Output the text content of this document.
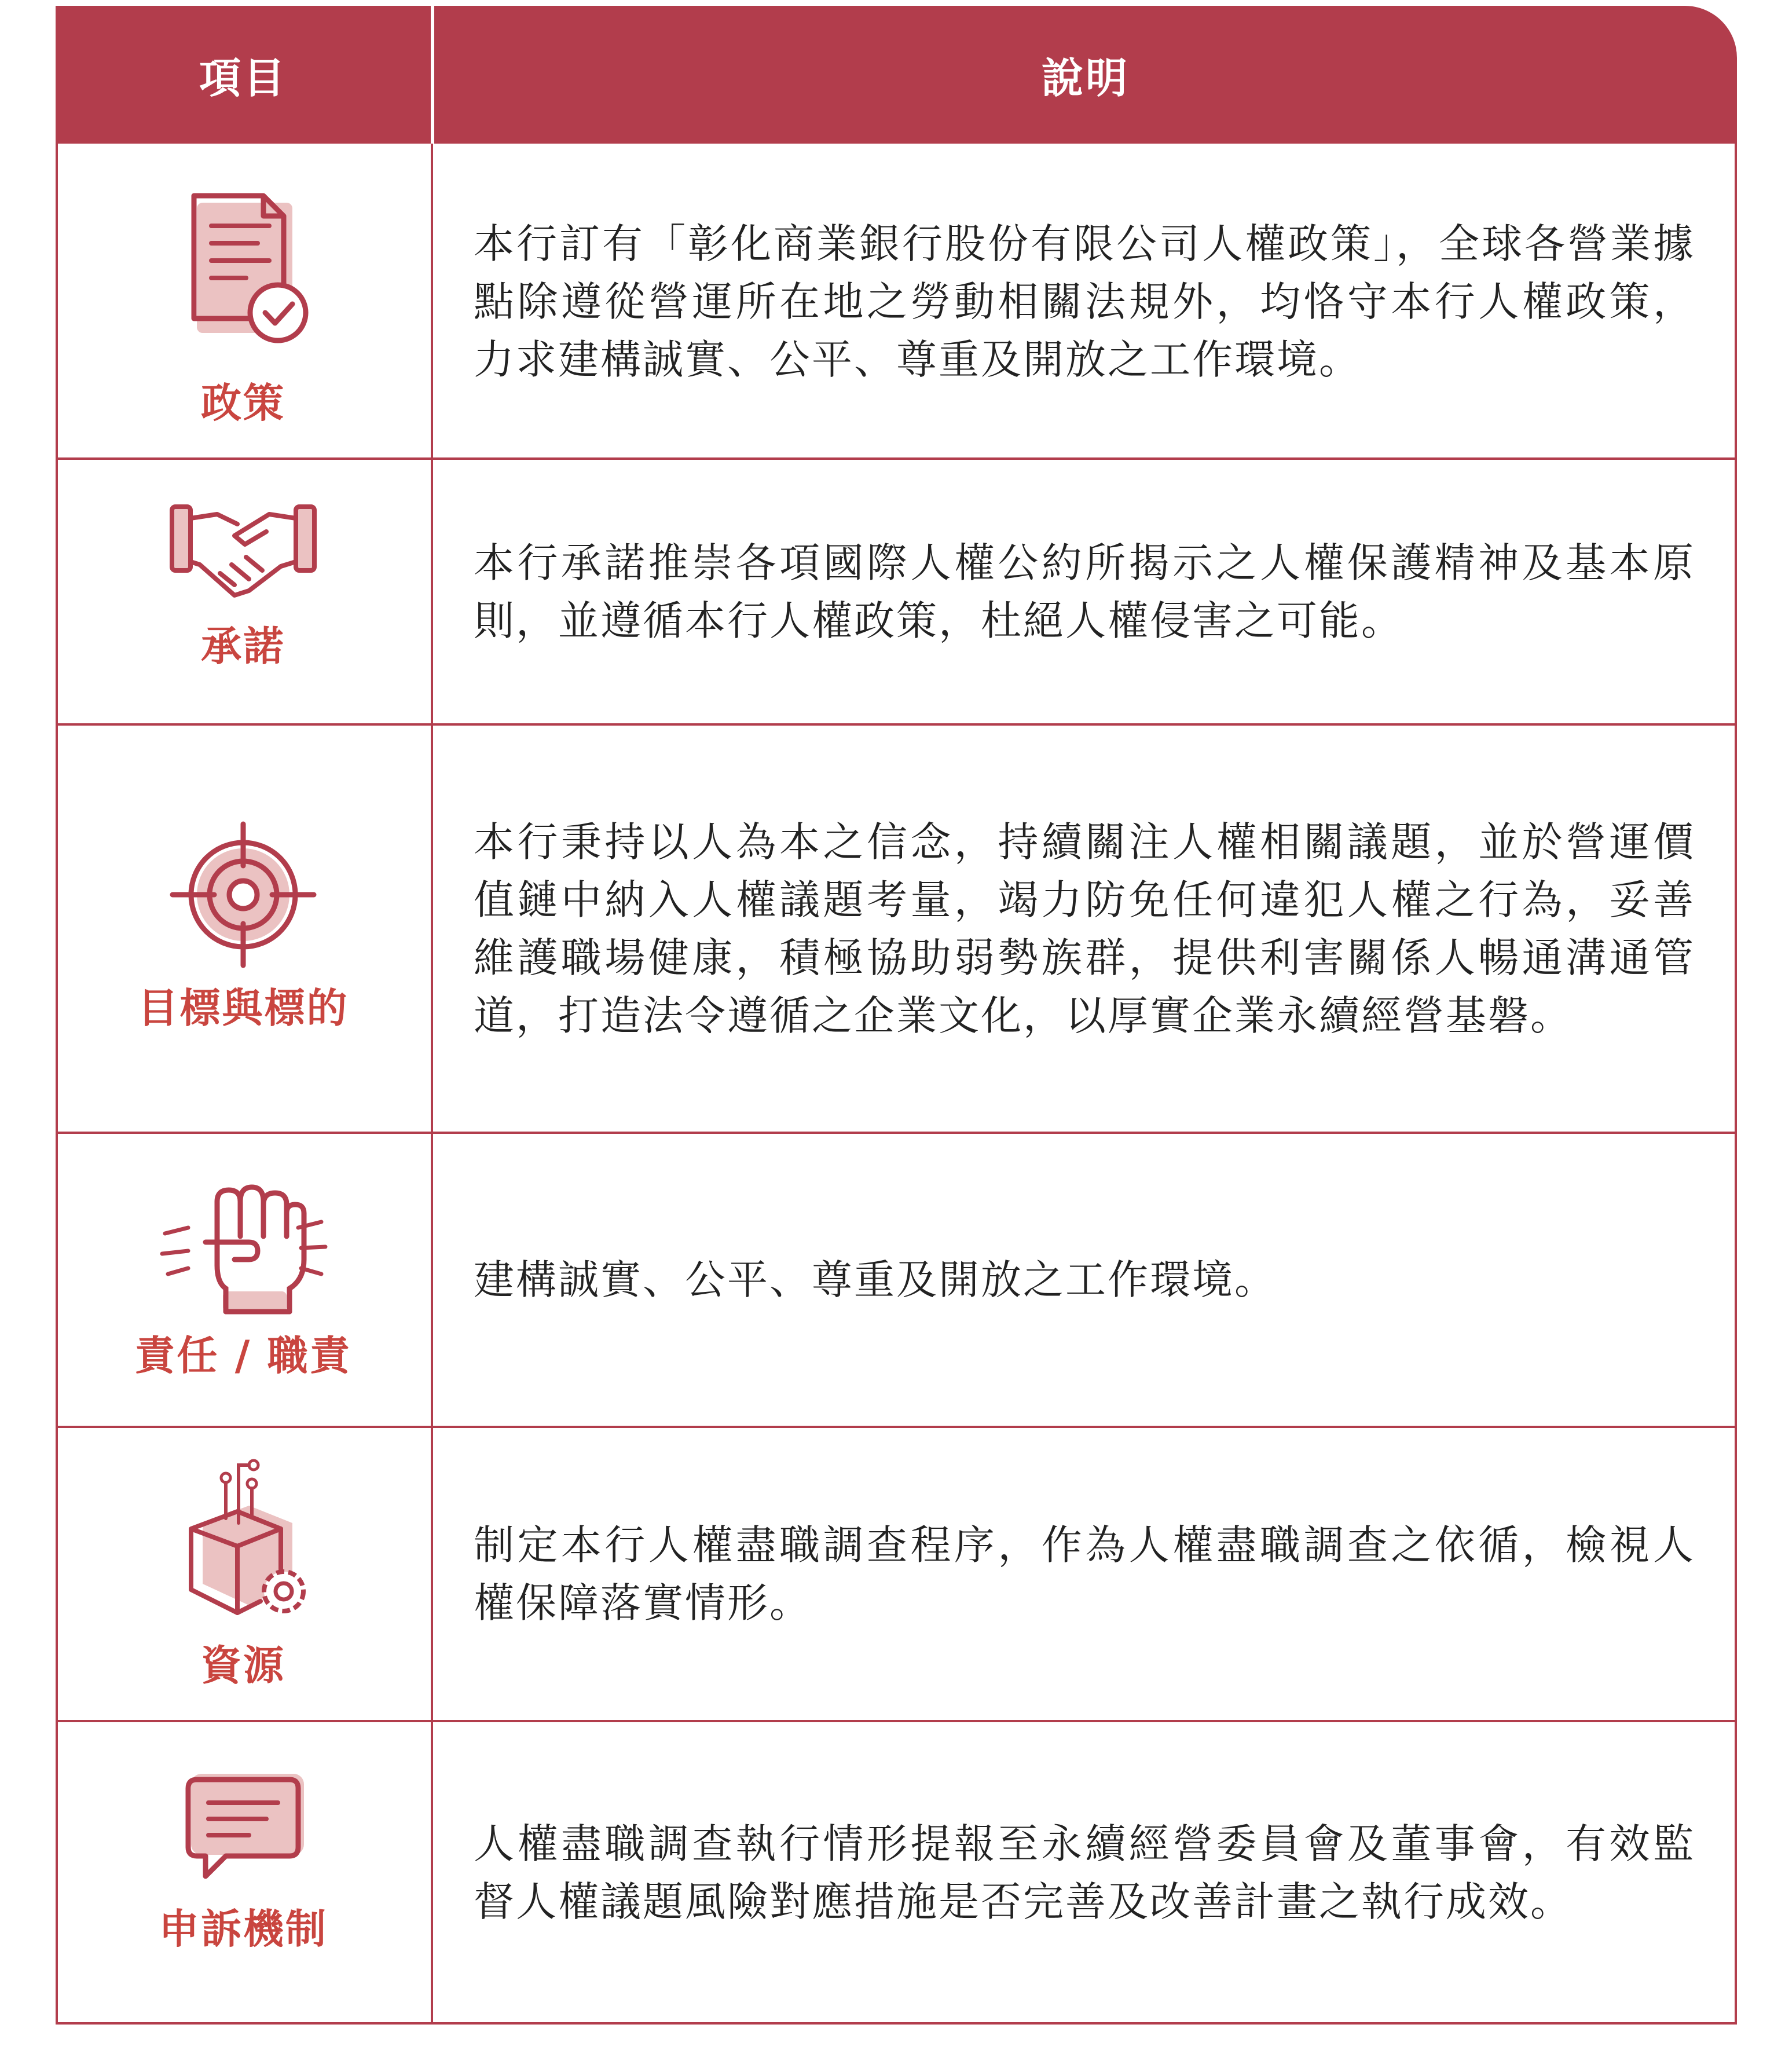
項目	說明
政策
本行訂有「彰化商業銀行股份有限公司人權政策」，全球各營業據點除遵從營運所在地之勞動相關法規外，均恪守本行人權政策，力求建構誠實、公平、尊重及開放之工作環境。
承諾
本行承諾推崇各項國際人權公約所揭示之人權保護精神及基本原則，並遵循本行人權政策，杜絕人權侵害之可能。
目標與標的
本行秉持以人為本之信念，持續關注人權相關議題，並於營運價值鏈中納入人權議題考量，竭力防免任何違犯人權之行為，妥善維護職場健康，積極協助弱勢族群，提供利害關係人暢通溝通管道，打造法令遵循之企業文化，以厚實企業永續經營基磐。
責任 / 職責
建構誠實、公平、尊重及開放之工作環境。
資源
制定本行人權盡職調查程序，作為人權盡職調查之依循，檢視人權保障落實情形。
申訴機制
人權盡職調查執行情形提報至永續經營委員會及董事會，有效監督人權議題風險對應措施是否完善及改善計畫之執行成效。
